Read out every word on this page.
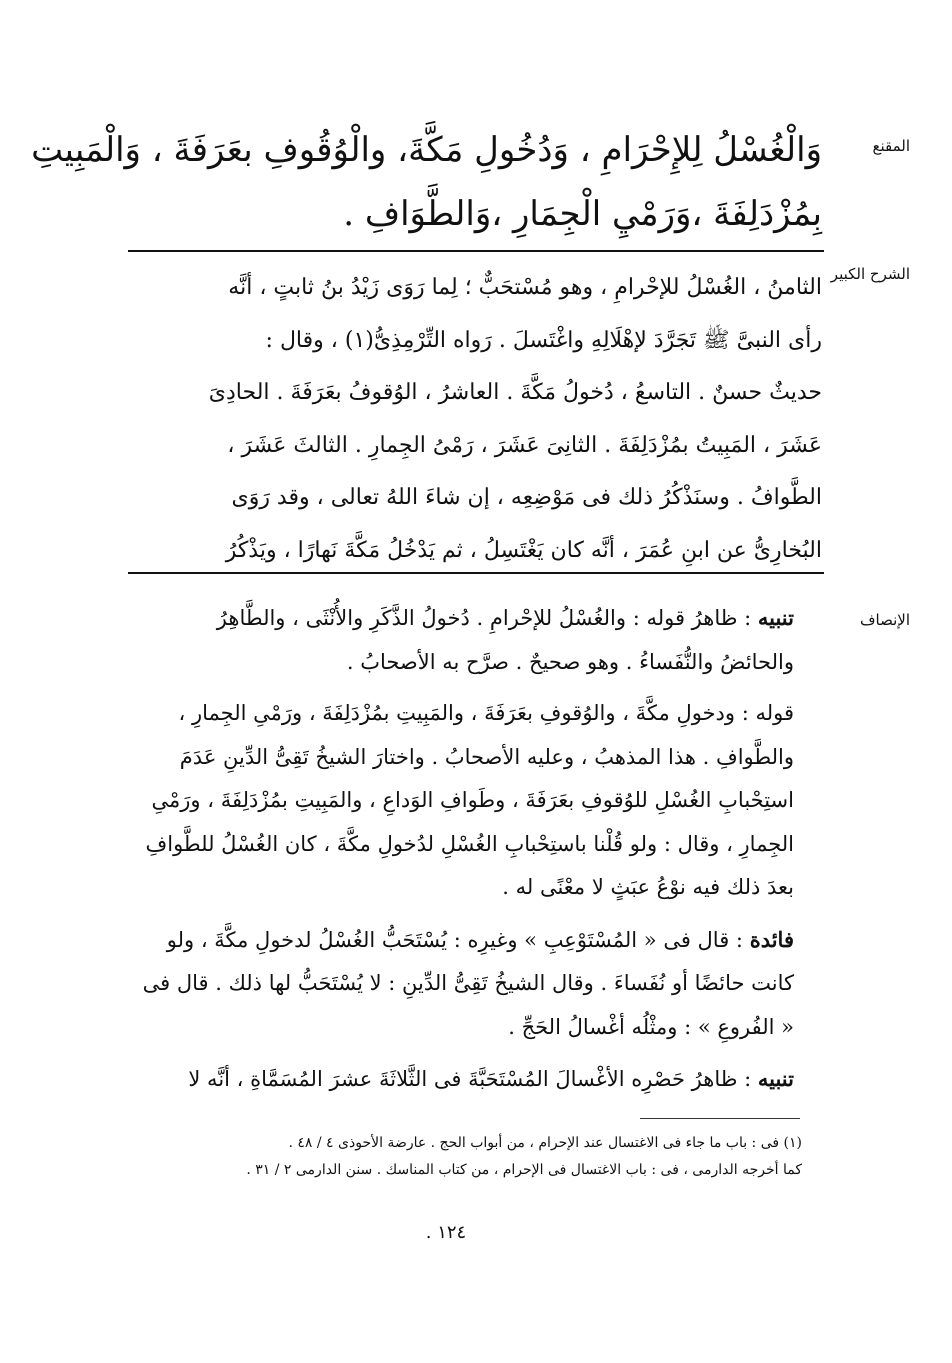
المقنع
وَالْغُسْلُ لِلإِحْرَامِ ، وَدُخُولِ مَكَّةَ، والْوُقُوفِ بعَرَفَةَ ، وَالْمَبِيتِ
بِمُزْدَلِفَةَ ،وَرَمْيِ الْجِمَارِ ،وَالطَّوَافِ .
الشرح الكبير
الثامنُ ، الغُسْلُ للإحْرامِ ، وهو مُسْتحَبٌّ ؛ لِما رَوَى زَيْدُ بنُ ثابتٍ ، أنَّه
رأى النبىَّ ﷺ تَجَرَّدَ لإهْلَالِهِ واغْتَسلَ . رَواه التِّرْمِذِىُّ(١) ، وقال :
حديثٌ حسنٌ . التاسعُ ، دُخولُ مَكَّةَ . العاشرُ ، الوُقوفُ بعَرَفَةَ . الحادِىَ
عَشَرَ ، المَبِيتُ بمُزْدَلِفَةَ . الثانِىَ عَشَرَ ، رَمْىُ الجِمارِ . الثالثَ عَشَرَ ،
الطَّوافُ . وسنَذْكُرُ ذلك فى مَوْضِعِه ، إن شاءَ اللهُ تعالى ، وقد رَوَى
البُخارِىُّ عن ابنِ عُمَرَ ، أنَّه كان يَغْتَسِلُ ، ثم يَدْخُلُ مَكَّةَ نَهارًا ، ويَذْكُرُ
الإنصاف
تنبيه : ظاهرُ قوله : والغُسْلُ للإحْرامِ . دُخولُ الذَّكَرِ والأُنْثَى ، والطَّاهِرُ
والحائضُ والنُّفَساءُ . وهو صحيحٌ . صرَّح به الأصحابُ .
قوله : ودخولِ مكَّةَ ، والوُقوفِ بعَرَفَةَ ، والمَبِيتِ بمُزْدَلِفَةَ ، ورَمْىِ الجِمارِ ،
والطَّوافِ . هذا المذهبُ ، وعليه الأصحابُ . واختارَ الشيخُ تَقِىُّ الدِّينِ عَدَمَ
استِحْبابِ الغُسْلِ للوُقوفِ بعَرَفَةَ ، وطَوافِ الوَداعِ ، والمَبِيتِ بمُزْدَلِفَةَ ، ورَمْىِ
الجِمارِ ، وقال : ولو قُلْنا باستِحْبابِ الغُسْلِ لدُخولِ مكَّةَ ، كان الغُسْلُ للطَّوافِ
بعدَ ذلك فيه نوْعُ عبَثٍ لا معْنًى له .
فائدة : قال فى « المُسْتَوْعِبِ » وغيرِه : يُسْتَحَبُّ الغُسْلُ لدخولِ مكَّةَ ، ولو
كانت حائضًا أو نُفَساءَ . وقال الشيخُ تَقِىُّ الدِّينِ : لا يُسْتَحَبُّ لها ذلك . قال فى
« الفُروعِ » : ومثْلُه أغْسالُ الحَجِّ .
تنبيه : ظاهرُ حَصْرِه الأغْسالَ المُسْتَحَبَّةَ فى الثَّلاثَةَ عشرَ المُسَمَّاةِ ، أنَّه لا
(١) فى : باب ما جاء فى الاغتسال عند الإحرام ، من أبواب الحج . عارضة الأحوذى ٤ / ٤٨ .
كما أخرجه الدارمى ، فى : باب الاغتسال فى الإحرام ، من كتاب المناسك . سنن الدارمى ٢ / ٣١ .
١٢٤ .
